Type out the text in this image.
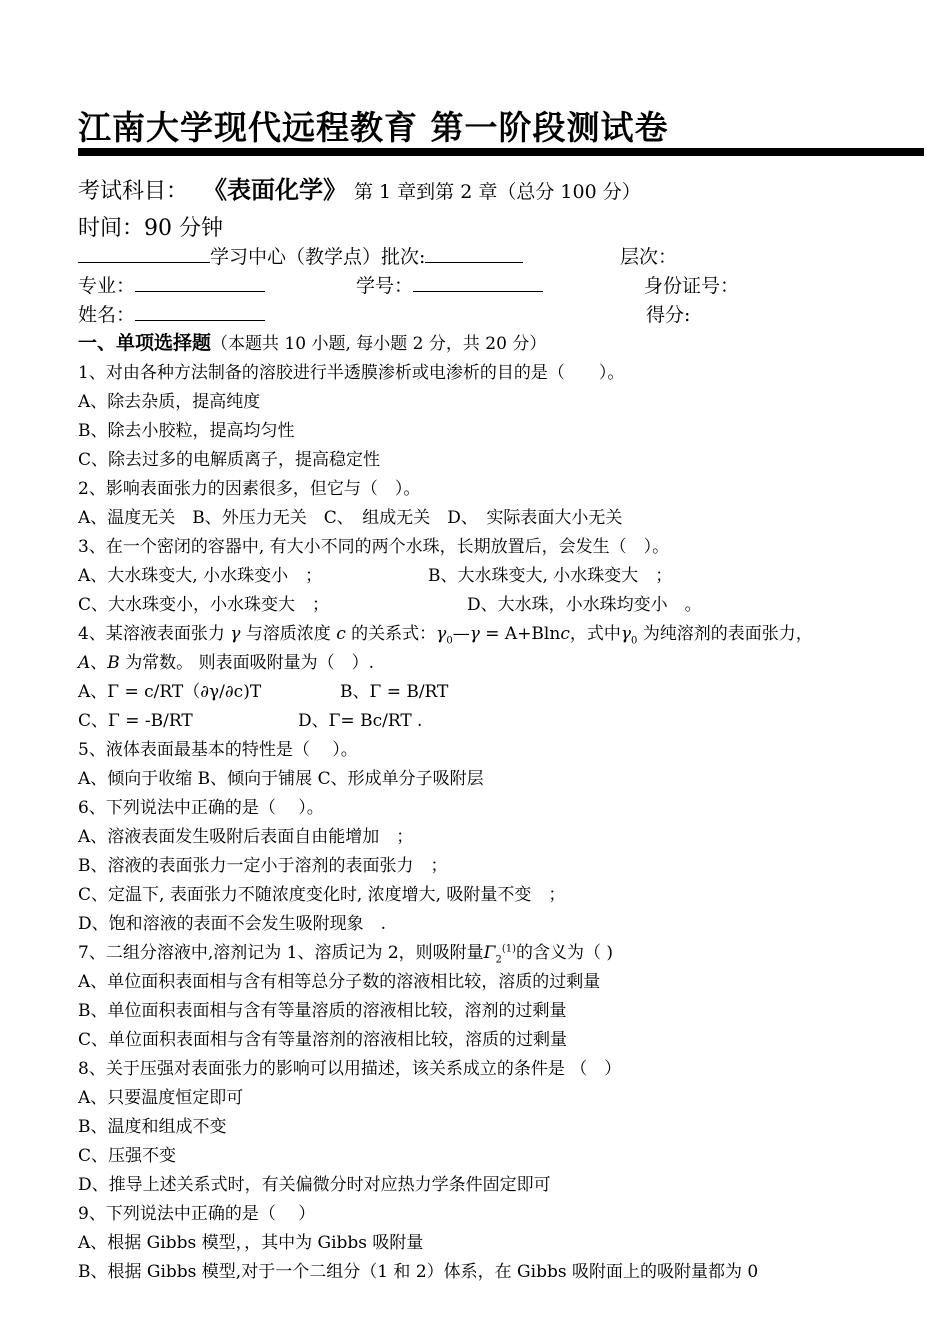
江南大学现代远程教育 第一阶段测试卷
考试科目： 《表面化学》 第 1 章到第 2 章（总分 100 分）
时间：90 分钟
学习中心（教学点）批次:	层次：
专业：	学号：	身份证号：
姓名：	得分:
一、单项选择题（本题共 10 小题, 每小题 2 分，共 20 分）
1、对由各种方法制备的溶胶进行半透膜渗析或电渗析的目的是（　　）。
A、除去杂质，提高纯度
B、除去小胶粒，提高均匀性
C、除去过多的电解质离子，提高稳定性
2、影响表面张力的因素很多，但它与（　）。
A、温度无关　B、外压力无关　C、　组成无关　D、　实际表面大小无关
3、在一个密闭的容器中, 有大小不同的两个水珠，长期放置后，会发生（　）。
A、大水珠变大, 小水珠变小　；	B、大水珠变大, 小水珠变大　；
C、大水珠变小，小水珠变大　；	D、大水珠，小水珠均变小　。
4、某溶液表面张力 γ 与溶质浓度 c 的关系式：$\gamma_0—\gamma = A+Blnc$，式中$\gamma_0$ 为纯溶剂的表面张力，
A、B 为常数。 则表面吸附量为（　）.
A、Γ = c/RT（∂γ/∂c)T	B、Γ = B/RT
C、Γ = -B/RT	D、Γ= Bc/RT .
5、液体表面最基本的特性是（　 ）。
A、倾向于收缩 B、倾向于铺展 C、形成单分子吸附层
6、下列说法中正确的是（　 ）。
A、溶液表面发生吸附后表面自由能增加　；
B、溶液的表面张力一定小于溶剂的表面张力　；
C、定温下, 表面张力不随浓度变化时, 浓度增大, 吸附量不变　；
D、饱和溶液的表面不会发生吸附现象　.
7、二组分溶液中,溶剂记为 1、溶质记为 2，则吸附量$\Gamma_2^{(1)}$的含义为（ )
A、单位面积表面相与含有相等总分子数的溶液相比较，溶质的过剩量
B、单位面积表面相与含有等量溶质的溶液相比较，溶剂的过剩量
C、单位面积表面相与含有等量溶剂的溶液相比较，溶质的过剩量
8、关于压强对表面张力的影响可以用描述，该关系成立的条件是 （　）
A、只要温度恒定即可
B、温度和组成不变
C、压强不变
D、推导上述关系式时，有关偏微分时对应热力学条件固定即可
9、下列说法中正确的是（　 ）
A、根据 Gibbs 模型，，其中为 Gibbs 吸附量
B、根据 Gibbs 模型,对于一个二组分（1 和 2）体系，在 Gibbs 吸附面上的吸附量都为 0
